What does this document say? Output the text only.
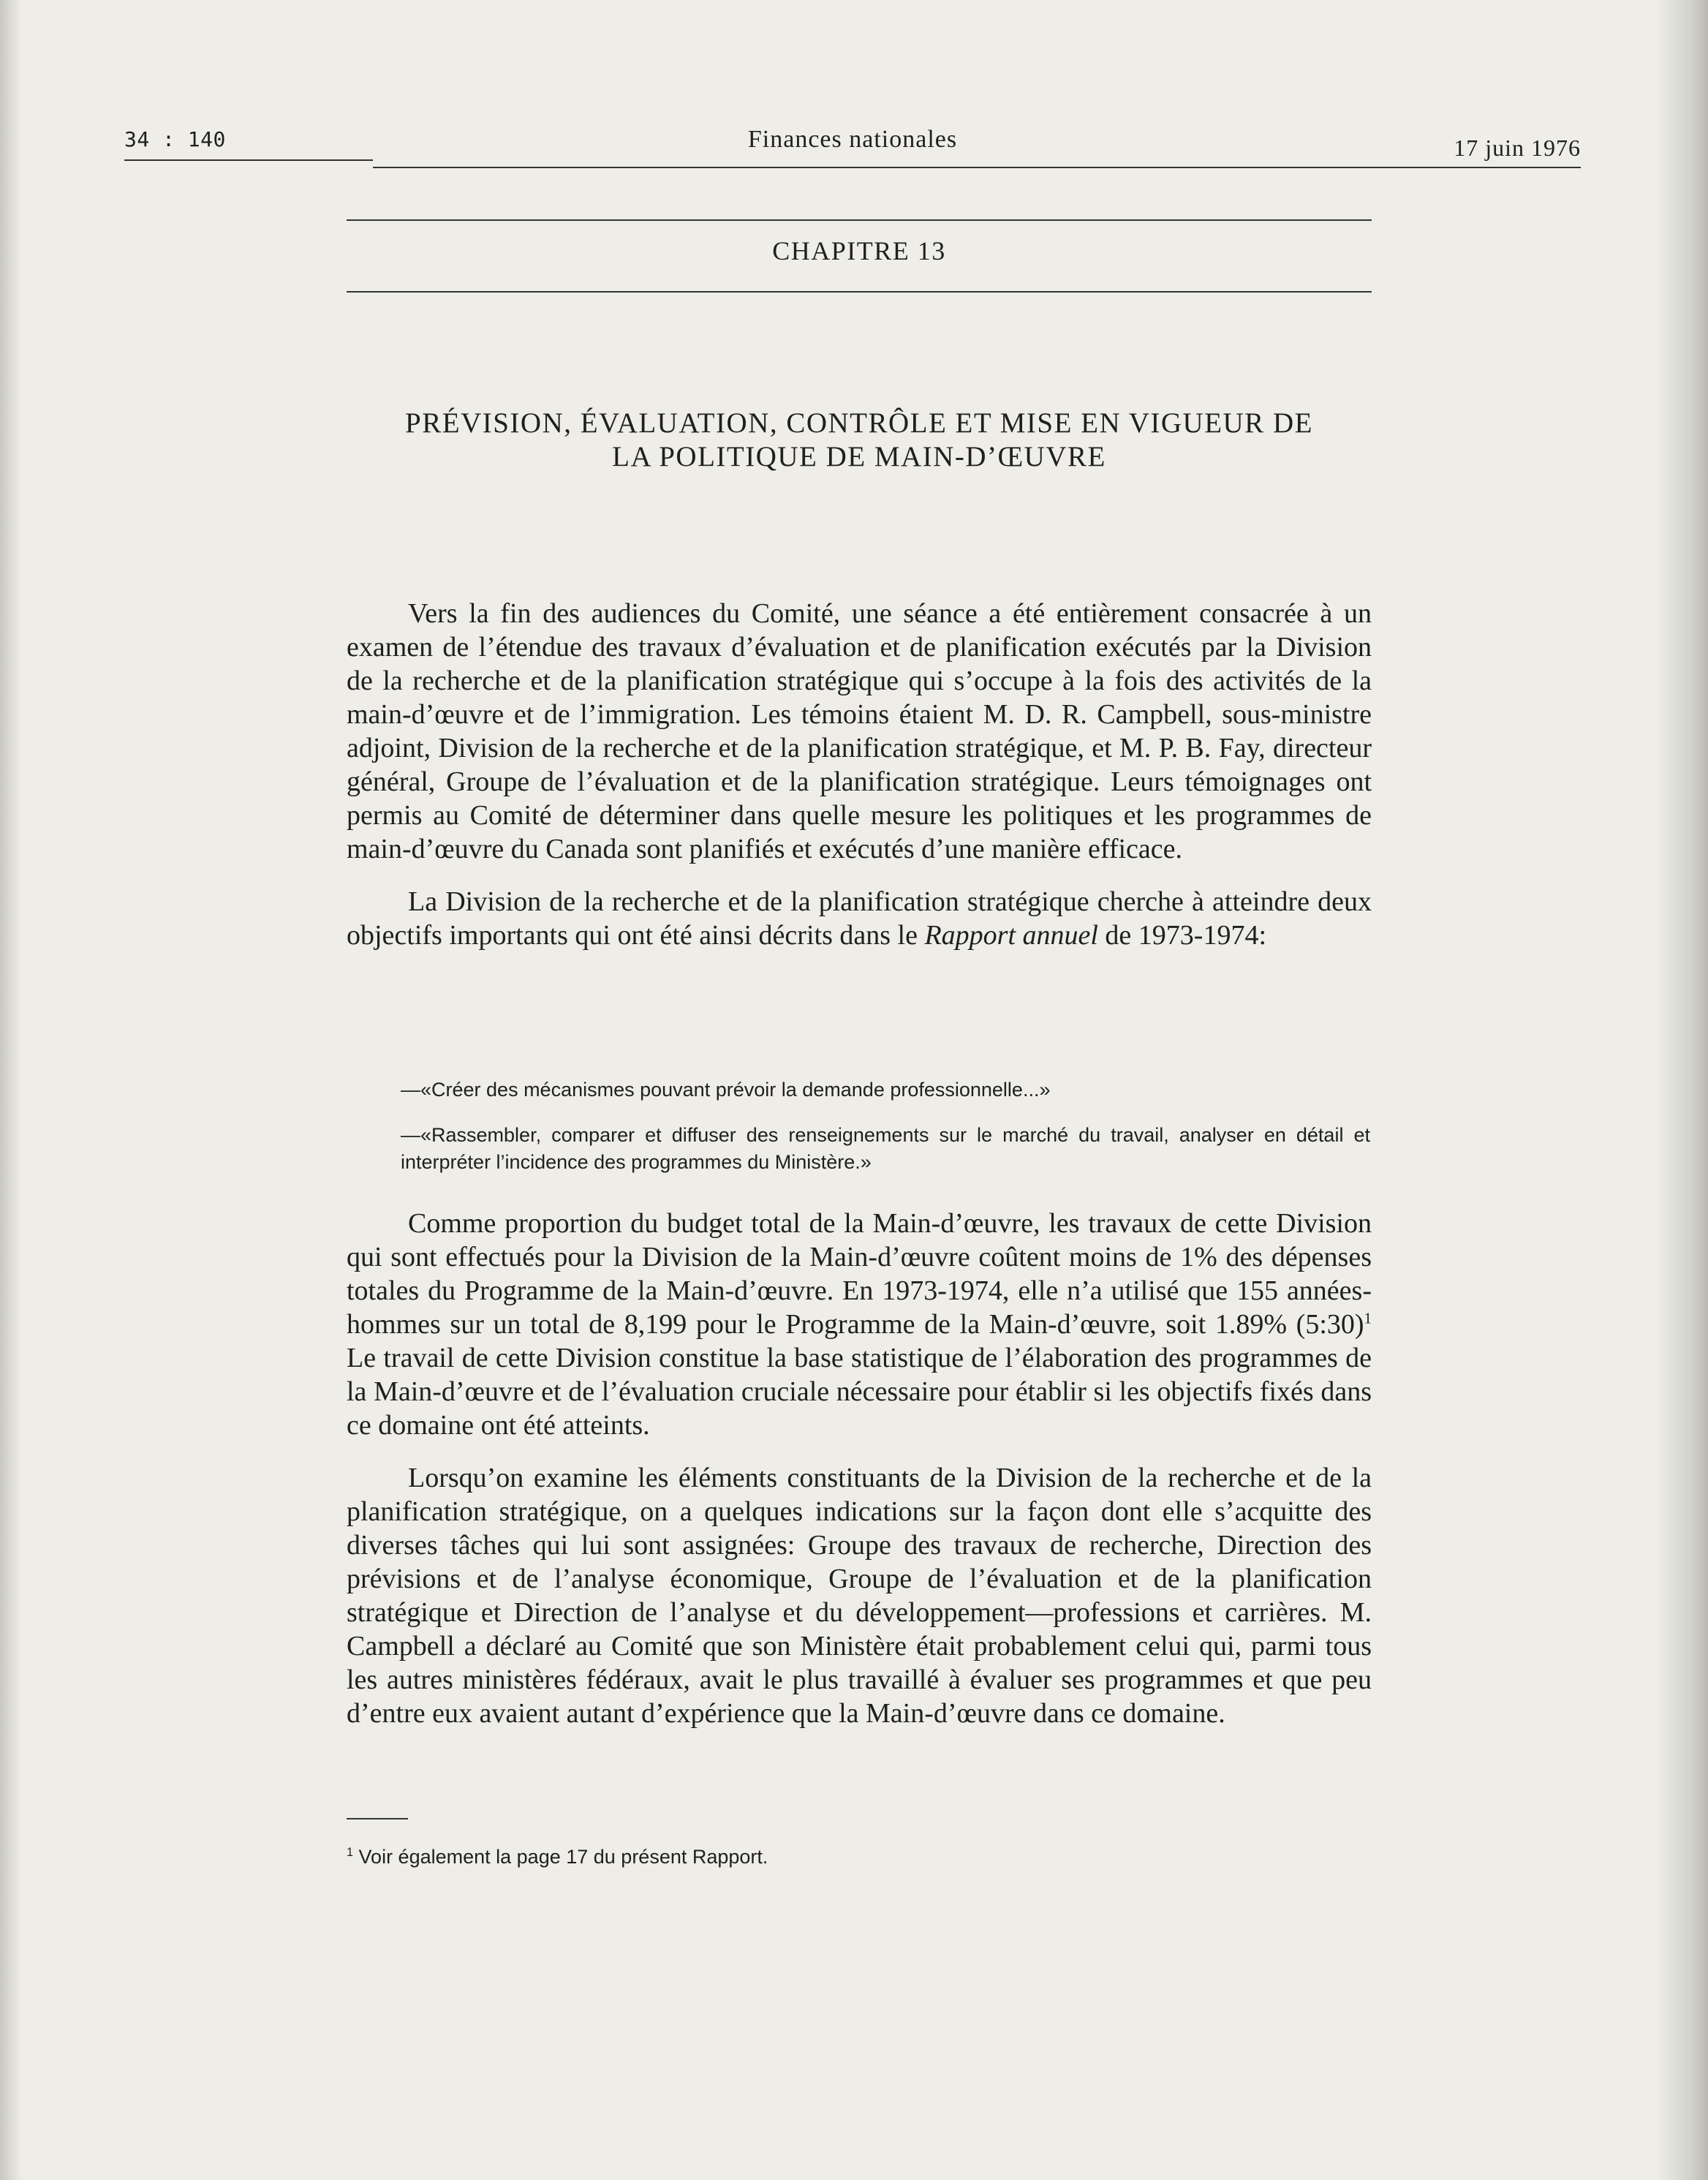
34 : 140	Finances nationales	17 juin 1976
CHAPITRE 13
PRÉVISION, ÉVALUATION, CONTRÔLE ET MISE EN VIGUEUR DE
LA POLITIQUE DE MAIN-D’ŒUVRE

Vers la fin des audiences du Comité, une séance a été entièrement consacrée à un examen de l’étendue des travaux d’évaluation et de planification exécutés par la Division de la recherche et de la planification stratégique qui s’occupe à la fois des activités de la main-d’œuvre et de l’immigration. Les témoins étaient M. D. R. Campbell, sous-ministre adjoint, Division de la recherche et de la planification stratégique, et M. P. B. Fay, directeur général, Groupe de l’évaluation et de la planification stratégique. Leurs témoignages ont permis au Comité de déterminer dans quelle mesure les politiques et les programmes de main-d’œuvre du Canada sont planifiés et exécutés d’une manière efficace.

La Division de la recherche et de la planification stratégique cherche à atteindre deux objectifs importants qui ont été ainsi décrits dans le Rapport annuel de 1973-1974:

—«Créer des mécanismes pouvant prévoir la demande professionnelle...»
—«Rassembler, comparer et diffuser des renseignements sur le marché du travail, analyser en détail et interpréter l’incidence des programmes du Ministère.»

Comme proportion du budget total de la Main-d’œuvre, les travaux de cette Division qui sont effectués pour la Division de la Main-d’œuvre coûtent moins de 1% des dépenses totales du Programme de la Main-d’œuvre. En 1973-1974, elle n’a utilisé que 155 années-hommes sur un total de 8,199 pour le Programme de la Main-d’œuvre, soit 1.89% (5:30)$^1$ Le travail de cette Division constitue la base statistique de l’élaboration des programmes de la Main-d’œuvre et de l’évaluation cruciale nécessaire pour établir si les objectifs fixés dans ce domaine ont été atteints.

Lorsqu’on examine les éléments constituants de la Division de la recherche et de la planification stratégique, on a quelques indications sur la façon dont elle s’acquitte des diverses tâches qui lui sont assignées: Groupe des travaux de recherche, Direction des prévisions et de l’analyse économique, Groupe de l’évaluation et de la planification stratégique et Direction de l’analyse et du développement—professions et carrières. M. Campbell a déclaré au Comité que son Ministère était probablement celui qui, parmi tous les autres ministères fédéraux, avait le plus travaillé à évaluer ses programmes et que peu d’entre eux avaient autant d’expérience que la Main-d’œuvre dans ce domaine.

$^1$ Voir également la page 17 du présent Rapport.
